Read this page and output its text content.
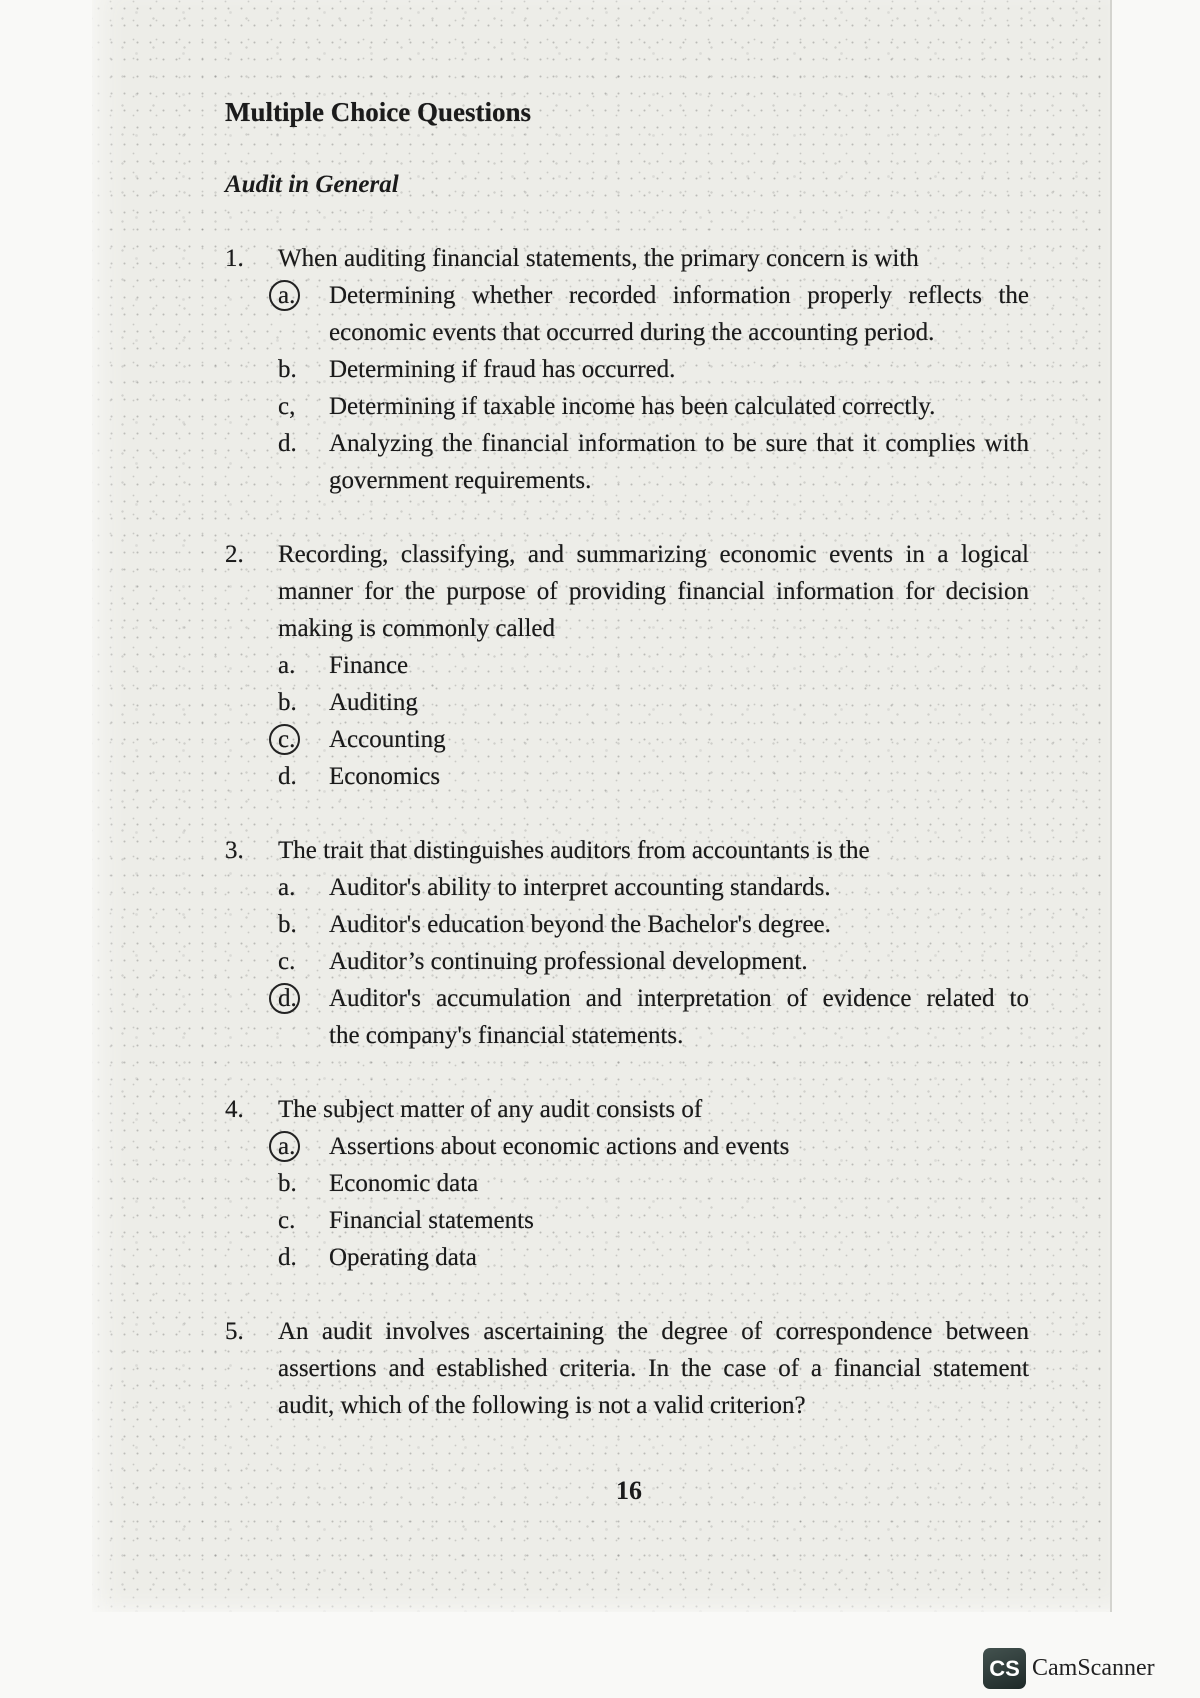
Multiple Choice Questions
Audit in General
1.	When auditing financial statements, the primary concern is with
a.	Determining whether recorded information properly reflects the
economic events that occurred during the accounting period.
b.	Determining if fraud has occurred.
c,	Determining if taxable income has been calculated correctly.
d.	Analyzing the financial information to be sure that it complies with
government requirements.
2.	Recording, classifying, and summarizing economic events in a logical
manner for the purpose of providing financial information for decision
making is commonly called
a.	Finance
b.	Auditing
c.	Accounting
d.	Economics
3.	The trait that distinguishes auditors from accountants is the
a.	Auditor's ability to interpret accounting standards.
b.	Auditor's education beyond the Bachelor's degree.
c.	Auditor’s continuing professional development.
d.	Auditor's accumulation and interpretation of evidence related to
the company's financial statements.
4.	The subject matter of any audit consists of
a.	Assertions about economic actions and events
b.	Economic data
c.	Financial statements
d.	Operating data
5.	An audit involves ascertaining the degree of correspondence between
assertions and established criteria. In the case of a financial statement
audit, which of the following is not a valid criterion?
16
CS CamScanner
